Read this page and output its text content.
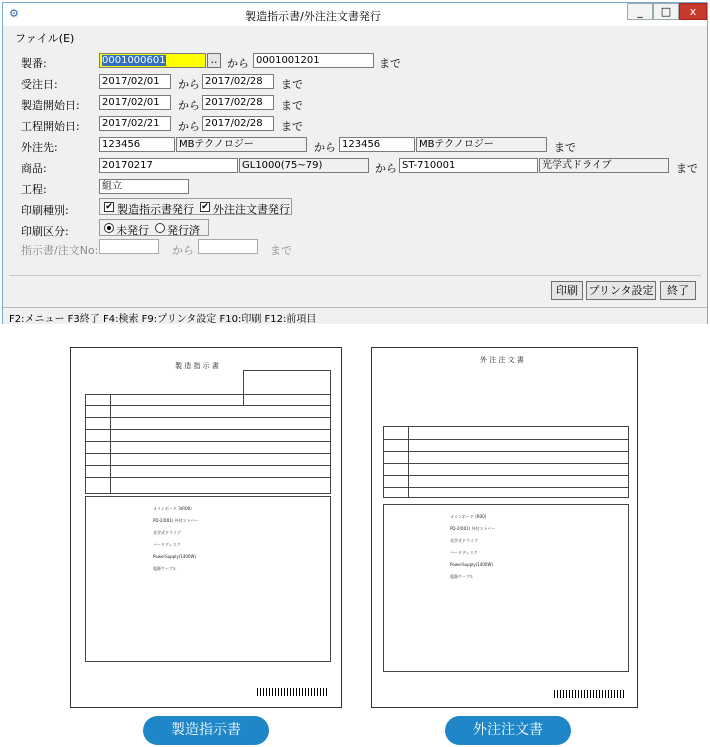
⚙	製造指示書/外注注文書発行	_	□	x
ファイル(E)
製番:	0001000601	.. から 0001001201	まで
受注日:	2017/02/01	から 2017/02/28	まで
製造開始日:	2017/02/01	から 2017/02/28	まで
工程開始日:	2017/02/21	から 2017/02/28	まで
外注先:	123456	MBテクノロジー	から 123456	MBテクノロジー	まで
商品:	20170217	GL1000(75~79)	から ST-710001	光学式ドライブ	まで
工程:	組立
印刷種別:	✔ 製造指示書発行 ✔ 外注注文書発行
印刷区分:	未発行 発行済
指示書/注文No:	から	まで
印刷 プリンタ設定	終了
F2:メニュー F3終了 F4:検索 F9:プリンタ設定 F10:印刷 F12:前項目
製 造 指 示 書
メインボード 3(R00)
PD-2(001) 外付ストバー
光学式ドライブ
ハードディスク
PowerSupply(1400W)
電源ケーブル
外 注 注 文 書
メインボード (R00)
PD-2(001) 外付ストバー
光学式ドライブ
ハードディスク
PowerSupply(1400W)
電源ケーブル
製造指示書	外注注文書
